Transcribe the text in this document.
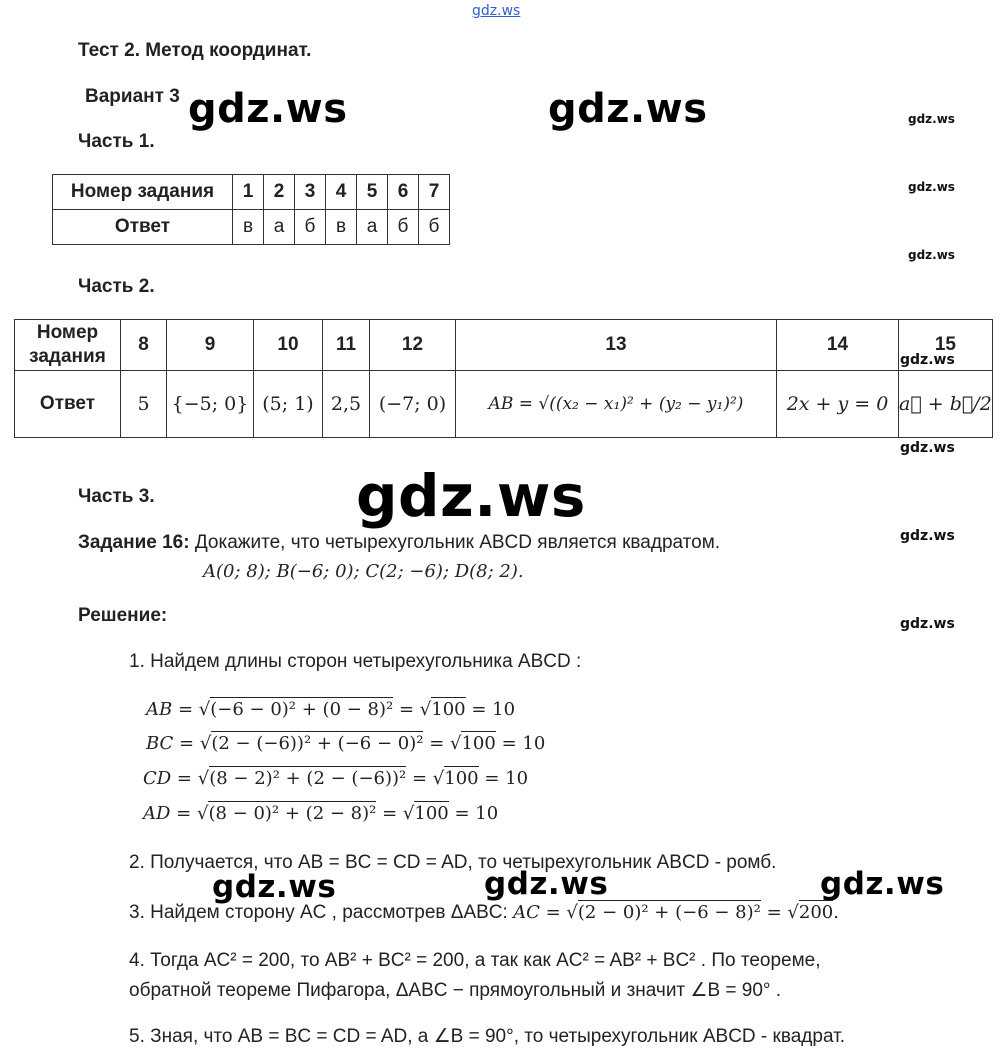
gdz.ws
Тест 2. Метод координат.
Вариант 3 gdz.ws	gdz.ws	gdz.ws
gdz.ws
gdz.ws
Часть 1.
Номер задания	1	2	3	4	5	6	7
Ответ	в	а	б	в	а	б	б
Часть 2.
Номер задания	8	9	10	11	12	13	14	15
Ответ	5	{−5; 0}	(5; 1)	2,5	(−7; 0)	AB = √((x₂ − x₁)² + (y₂ − y₁)²)	2x + y = 0	a⃗ + b⃗/2
gdz.ws
gdz.ws
Часть 3.	gdz.ws
gdz.ws
Задание 16: Докажите, что четырехугольник ABCD является квадратом.
A(0; 8); B(−6; 0); C(2; −6); D(8; 2).
Решение:	gdz.ws
1. Найдем длины сторон четырехугольника ABCD :
AB = √(−6 − 0)² + (0 − 8)² = √100 = 10
BC = √(2 − (−6))² + (−6 − 0)² = √100 = 10
CD = √(8 − 2)² + (2 − (−6))² = √100 = 10
AD = √(8 − 0)² + (2 − 8)² = √100 = 10
2. Получается, что AB = BC = CD = AD, то четырехугольник ABCD - ромб.
gdz.ws	gdz.ws	gdz.ws
3. Найдем сторону AC , рассмотрев ΔABC: AC = √(2 − 0)² + (−6 − 8)² = √200.
4. Тогда AC² = 200, то AB² + BC² = 200, а так как AC² = AB² + BC² . По теореме,
обратной теореме Пифагора, ΔABC − прямоугольный и значит ∠B = 90° .
5. Зная, что AB = BC = CD = AD, а ∠B = 90°, то четырехугольник ABCD - квадрат.
